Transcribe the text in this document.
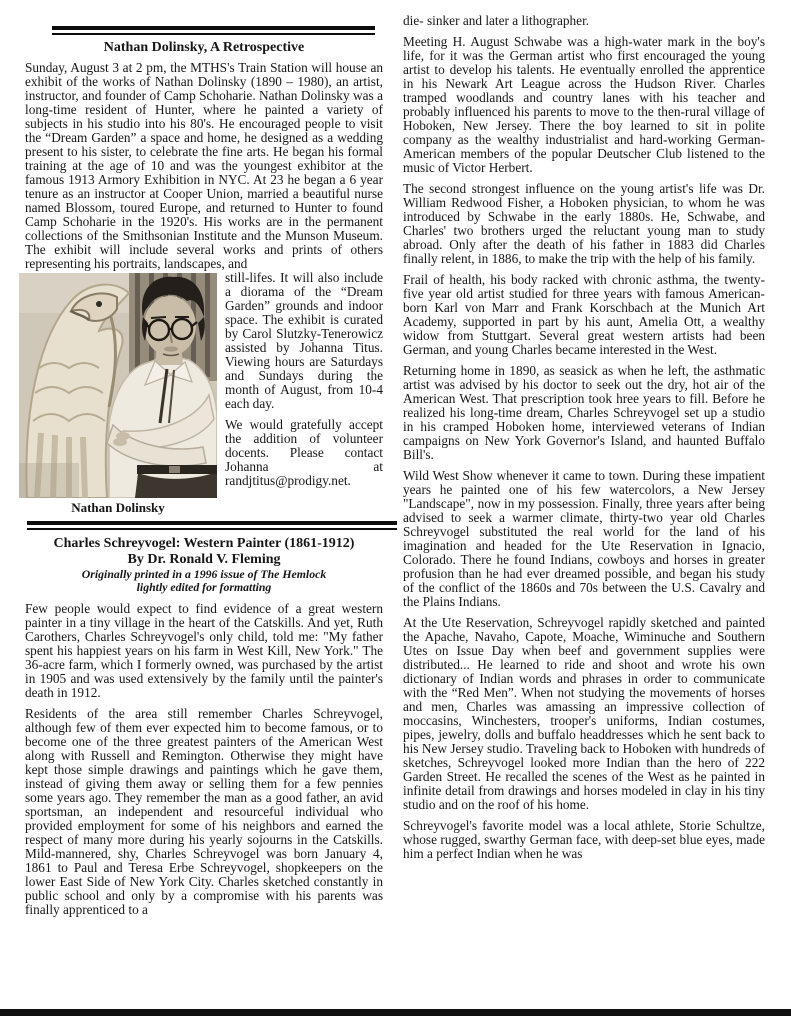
Nathan Dolinsky, A Retrospective

Sunday, August 3 at 2 pm, the MTHS's Train Station will house an exhibit of the works of Nathan Dolinsky (1890 – 1980), an artist, instructor, and founder of Camp Schoharie. Nathan Dolinsky was a long-time resident of Hunter, where he painted a variety of subjects in his studio into his 80's. He encouraged people to visit the “Dream Garden” a space and home, he designed as a wedding present to his sister, to celebrate the fine arts. He began his formal training at the age of 10 and was the youngest exhibitor at the famous 1913 Armory Exhibition in NYC. At 23 he began a 6 year tenure as an instructor at Cooper Union, married a beautiful nurse named Blossom, toured Europe, and returned to Hunter to found Camp Schoharie in the 1920's. His works are in the permanent collections of the Smithsonian Institute and the Munson Museum. The exhibit will include several works and prints of others representing his portraits, landscapes, and

Nathan Dolinsky

still-lifes. It will also include a diorama of the “Dream Garden” grounds and indoor space. The exhibit is curated by Carol Slutzky-Tenerowicz assisted by Johanna Titus. Viewing hours are Saturdays and Sundays during the month of August, from 10-4 each day.

We would gratefully accept the addition of volunteer docents. Please contact Johanna at randjtitus@prodigy.net.

Charles Schreyvogel: Western Painter (1861-1912)
By Dr. Ronald V. Fleming
Originally printed in a 1996 issue of The Hemlock
lightly edited for formatting

Few people would expect to find evidence of a great western painter in a tiny village in the heart of the Catskills. And yet, Ruth Carothers, Charles Schreyvogel's only child, told me: "My father spent his happiest years on his farm in West Kill, New York." The 36-acre farm, which I formerly owned, was purchased by the artist in 1905 and was used extensively by the family until the painter's death in 1912.

Residents of the area still remember Charles Schreyvogel, although few of them ever expected him to become famous, or to become one of the three greatest painters of the American West along with Russell and Remington. Otherwise they might have kept those simple drawings and paintings which he gave them, instead of giving them away or selling them for a few pennies some years ago. They remember the man as a good father, an avid sportsman, an independent and resourceful individual who provided employment for some of his neighbors and earned the respect of many more during his yearly sojourns in the Catskills. Mild-mannered, shy, Charles Schreyvogel was born January 4, 1861 to Paul and Teresa Erbe Schreyvogel, shopkeepers on the lower East Side of New York City. Charles sketched constantly in public school and only by a compromise with his parents was finally apprenticed to a

die- sinker and later a lithographer.

Meeting H. August Schwabe was a high-water mark in the boy's life, for it was the German artist who first encouraged the young artist to develop his talents. He eventually enrolled the apprentice in his Newark Art League across the Hudson River. Charles tramped woodlands and country lanes with his teacher and probably influenced his parents to move to the then-rural village of Hoboken, New Jersey. There the boy learned to sit in polite company as the wealthy industrialist and hard-working German-American members of the popular Deutscher Club listened to the music of Victor Herbert.

The second strongest influence on the young artist's life was Dr. William Redwood Fisher, a Hoboken physician, to whom he was introduced by Schwabe in the early 1880s. He, Schwabe, and Charles' two brothers urged the reluctant young man to study abroad. Only after the death of his father in 1883 did Charles finally relent, in 1886, to make the trip with the help of his family.

Frail of health, his body racked with chronic asthma, the twenty-five year old artist studied for three years with famous American-born Karl von Marr and Frank Korschbach at the Munich Art Academy, supported in part by his aunt, Amelia Ott, a wealthy widow from Stuttgart. Several great western artists had been German, and young Charles became interested in the West.

Returning home in 1890, as seasick as when he left, the asthmatic artist was advised by his doctor to seek out the dry, hot air of the American West. That prescription took hree years to fill. Before he realized his long-time dream, Charles Schreyvogel set up a studio in his cramped Hoboken home, interviewed veterans of Indian campaigns on New York Governor's Island, and haunted Buffalo Bill's.

Wild West Show whenever it came to town. During these impatient years he painted one of his few watercolors, a New Jersey "Landscape", now in my possession. Finally, three years after being advised to seek a warmer climate, thirty-two year old Charles Schreyvogel substituted the real world for the land of his imagination and headed for the Ute Reservation in Ignacio, Colorado. There he found Indians, cowboys and horses in greater profusion than he had ever dreamed possible, and began his study of the conflict of the 1860s and 70s between the U.S. Cavalry and the Plains Indians.

At the Ute Reservation, Schreyvogel rapidly sketched and painted the Apache, Navaho, Capote, Moache, Wiminuche and Southern Utes on Issue Day when beef and government supplies were distributed... He learned to ride and shoot and wrote his own dictionary of Indian words and phrases in order to communicate with the “Red Men”. When not studying the movements of horses and men, Charles was amassing an impressive collection of moccasins, Winchesters, trooper's uniforms, Indian costumes, pipes, jewelry, dolls and buffalo headdresses which he sent back to his New Jersey studio. Traveling back to Hoboken with hundreds of sketches, Schreyvogel looked more Indian than the hero of 222 Garden Street. He recalled the scenes of the West as he painted in infinite detail from drawings and horses modeled in clay in his tiny studio and on the roof of his home.

Schreyvogel's favorite model was a local athlete, Storie Schultze, whose rugged, swarthy German face, with deep-set blue eyes, made him a perfect Indian when he was
